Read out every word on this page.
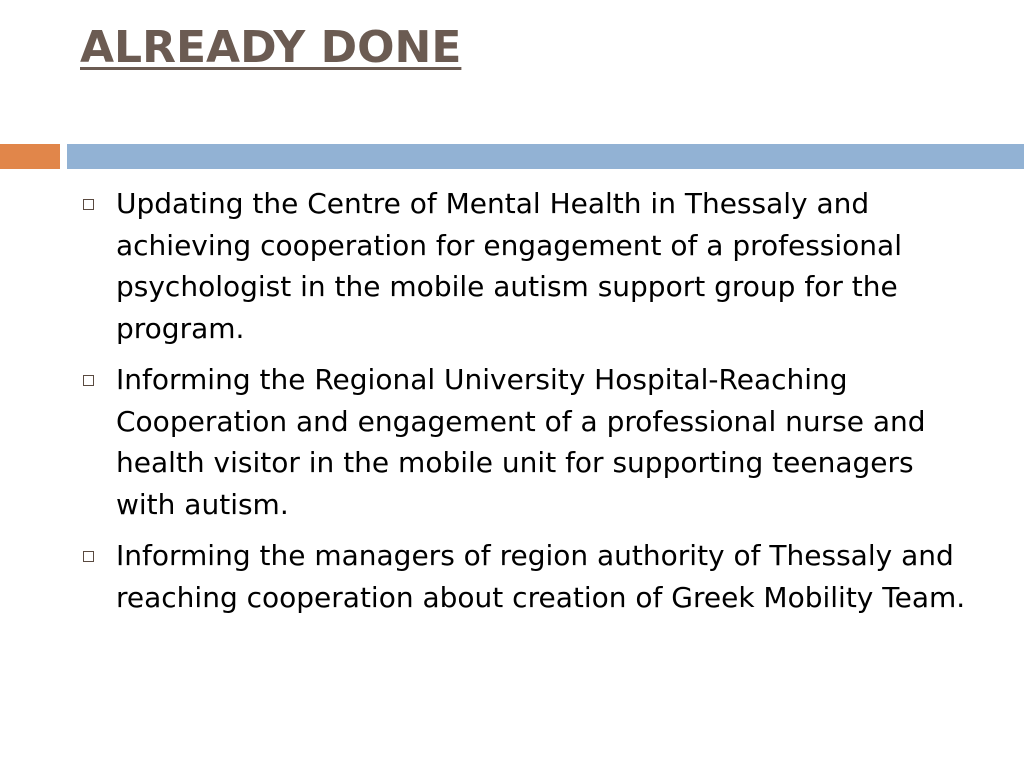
ALREADY DONE
Updating the Centre of Mental Health in Thessaly and achieving cooperation for engagement of a professional psychologist in the mobile autism support group for the program.
Informing the Regional University Hospital-Reaching Cooperation and engagement of a professional nurse and health visitor in the mobile unit for supporting teenagers with autism.
Informing the managers of region authority of Thessaly and reaching cooperation about creation of Greek Mobility Team.
